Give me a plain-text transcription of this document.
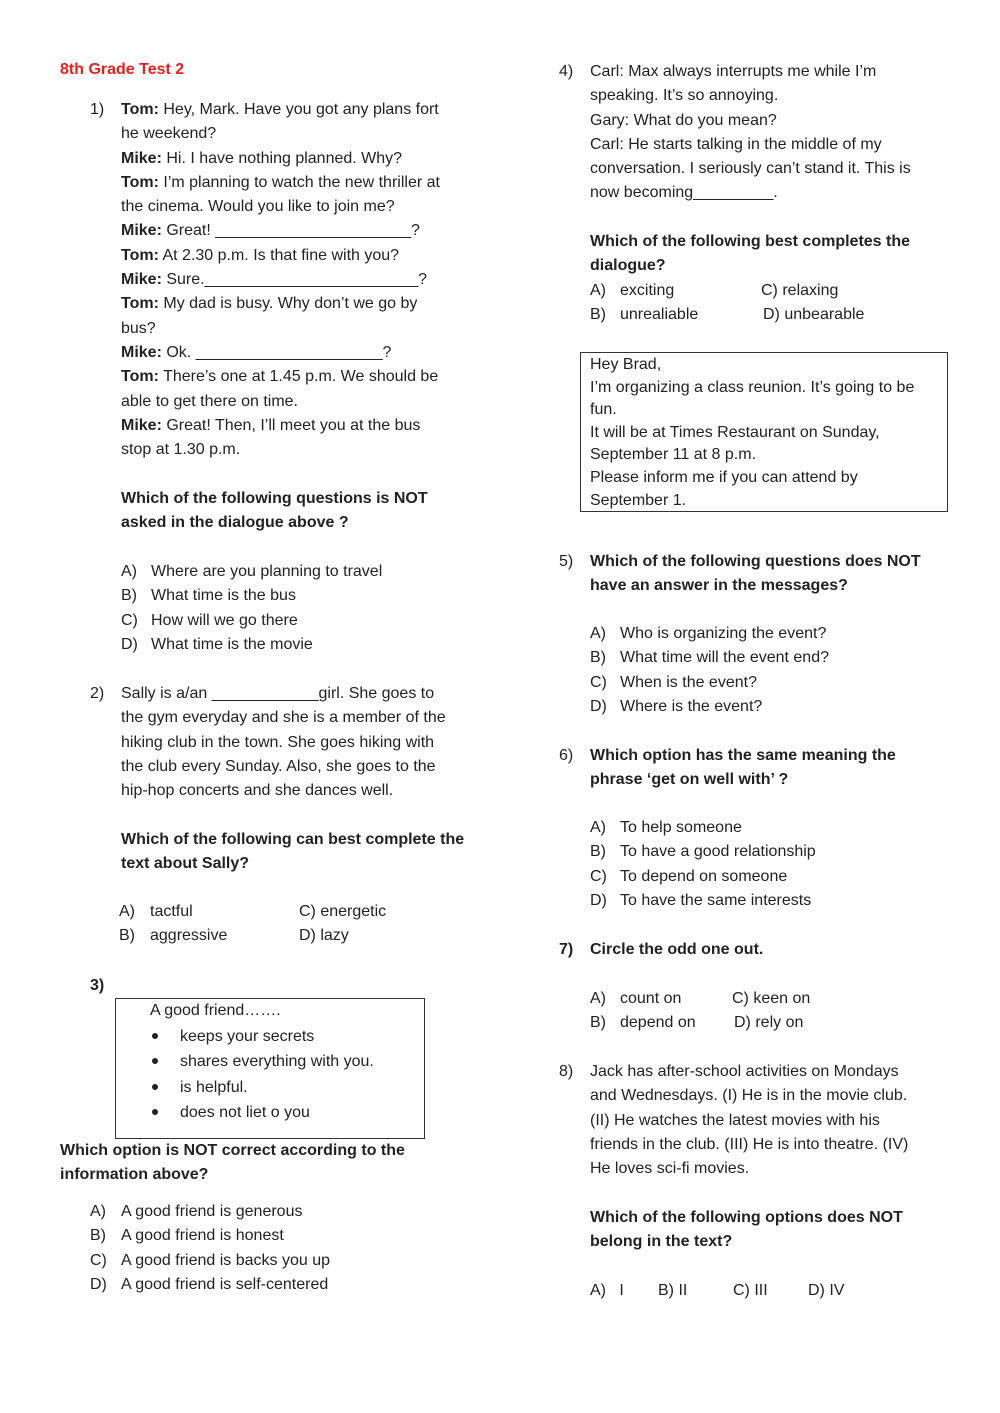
8th Grade Test 2
1) Tom: Hey, Mark. Have you got any plans fort
he weekend?
Mike: Hi. I have nothing planned. Why?
Tom: I’m planning to watch the new thriller at
the cinema. Would you like to join me?
Mike: Great! ______________________?
Tom: At 2.30 p.m. Is that fine with you?
Mike: Sure.________________________?
Tom: My dad is busy. Why don’t we go by
bus?
Mike: Ok. _____________________?
Tom: There’s one at 1.45 p.m. We should be
able to get there on time.
Mike: Great! Then, I’ll meet you at the bus
stop at 1.30 p.m.
Which of the following questions is NOT
asked in the dialogue above ?
A) Where are you planning to travel
B) What time is the bus
C) How will we go there
D) What time is the movie
2) Sally is a/an ____________girl. She goes to
the gym everyday and she is a member of the
hiking club in the town. She goes hiking with
the club every Sunday. Also, she goes to the
hip-hop concerts and she dances well.
Which of the following can best complete the
text about Sally?
A) tactful	C) energetic
B) aggressive	D) lazy
3)
A good friend…….
keeps your secrets
shares everything with you.
is helpful.
does not liet o you
Which option is NOT correct according to the
information above?
A) A good friend is generous
B) A good friend is honest
C) A good friend is backs you up
D) A good friend is self-centered
4) Carl: Max always interrupts me while I’m
speaking. It’s so annoying.
Gary: What do you mean?
Carl: He starts talking in the middle of my
conversation. I seriously can’t stand it. This is
now becoming_________.
Which of the following best completes the
dialogue?
A) exciting	C) relaxing
B) unrealiable	D) unbearable
Hey Brad,
I’m organizing a class reunion. It’s going to be
fun.
It will be at Times Restaurant on Sunday,
September 11 at 8 p.m.
Please inform me if you can attend by
September 1.
5) Which of the following questions does NOT
have an answer in the messages?
A) Who is organizing the event?
B) What time will the event end?
C) When is the event?
D) Where is the event?
6) Which option has the same meaning the
phrase ‘get on well with’ ?
A) To help someone
B) To have a good relationship
C) To depend on someone
D) To have the same interests
7) Circle the odd one out.
A) count on	C) keen on
B) depend on D) rely on
8) Jack has after-school activities on Mondays
and Wednesdays. (I) He is in the movie club.
(II) He watches the latest movies with his
friends in the club. (III) He is into theatre. (IV)
He loves sci-fi movies.
Which of the following options does NOT
belong in the text?
A) I B) II	C) III	D) IV
